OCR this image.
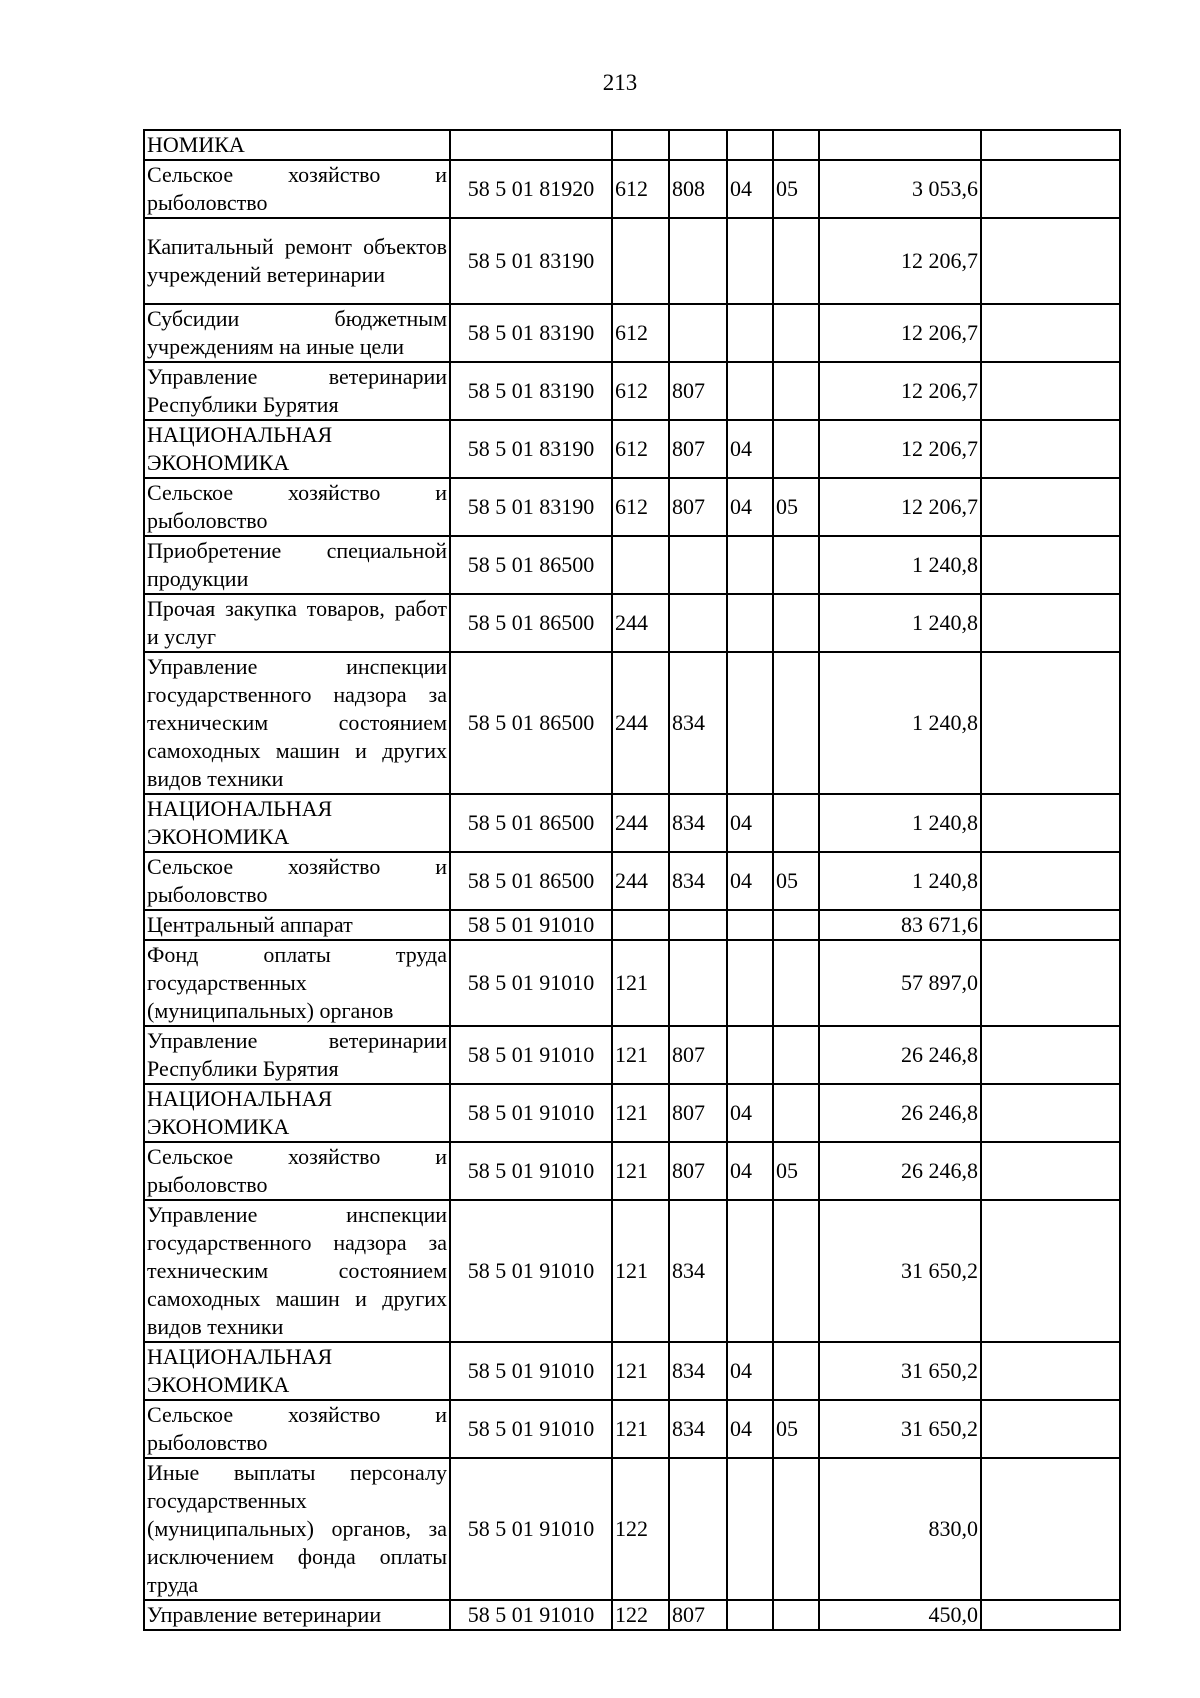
213
НОМИКА							
Сельское хозяйство и рыболовство	58 5 01 81920	612	808	04	05	3 053,6	
Капитальный ремонт объектов учреждений ветеринарии	58 5 01 83190					12 206,7	
Субсидии бюджетным учреждениям на иные цели	58 5 01 83190	612				12 206,7	
Управление ветеринарии Республики Бурятия	58 5 01 83190	612	807			12 206,7	
НАЦИОНАЛЬНАЯ ЭКОНОМИКА	58 5 01 83190	612	807	04		12 206,7	
Сельское хозяйство и рыболовство	58 5 01 83190	612	807	04	05	12 206,7	
Приобретение специальной продукции	58 5 01 86500					1 240,8	
Прочая закупка товаров, работ и услуг	58 5 01 86500	244				1 240,8	
Управление инспекции государственного надзора за техническим состоянием самоходных машин и других видов техники	58 5 01 86500	244	834			1 240,8	
НАЦИОНАЛЬНАЯ ЭКОНОМИКА	58 5 01 86500	244	834	04		1 240,8	
Сельское хозяйство и рыболовство	58 5 01 86500	244	834	04	05	1 240,8	
Центральный аппарат	58 5 01 91010					83 671,6	
Фонд оплаты труда государственных (муниципальных) органов	58 5 01 91010	121				57 897,0	
Управление ветеринарии Республики Бурятия	58 5 01 91010	121	807			26 246,8	
НАЦИОНАЛЬНАЯ ЭКОНОМИКА	58 5 01 91010	121	807	04		26 246,8	
Сельское хозяйство и рыболовство	58 5 01 91010	121	807	04	05	26 246,8	
Управление инспекции государственного надзора за техническим состоянием самоходных машин и других видов техники	58 5 01 91010	121	834			31 650,2	
НАЦИОНАЛЬНАЯ ЭКОНОМИКА	58 5 01 91010	121	834	04		31 650,2	
Сельское хозяйство и рыболовство	58 5 01 91010	121	834	04	05	31 650,2	
Иные выплаты персоналу государственных (муниципальных) органов, за исключением фонда оплаты труда	58 5 01 91010	122				830,0	
Управление ветеринарии	58 5 01 91010	122	807			450,0	
